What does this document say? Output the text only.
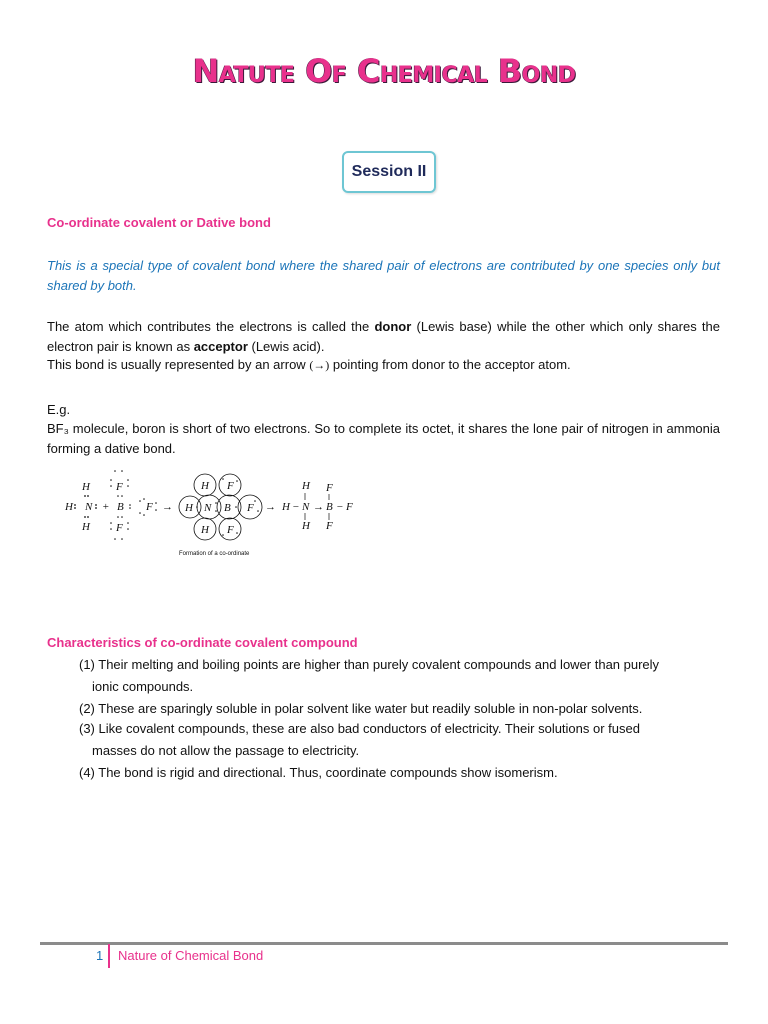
Natute Of Chemical Bond
Session II
Co-ordinate covalent or Dative bond

This is a special type of covalent bond where the shared pair of electrons are contributed by one species only but shared by both.

The atom which contributes the electrons is called the donor (Lewis base) while the other which only shares the electron pair is known as acceptor (Lewis acid).

This bond is usually represented by an arrow (→) pointing from donor to the acceptor atom.

E.g.

BF₃ molecule, boron is short of two electrons. So to complete its octet, it shares the lone pair of nitrogen in ammonia forming a dative bond.

H
H N
H
+
F
B F
F
→
H F
H N B F
H F
→
H F
H − N → B − F
H F
Formation of a co-ordinate
Characteristics of co-ordinate covalent compound

(1) Their melting and boiling points are higher than purely covalent compounds and lower than purely
ionic compounds.

(2) These are sparingly soluble in polar solvent like water but readily soluble in non-polar solvents.

(3) Like covalent compounds, these are also bad conductors of electricity. Their solutions or fused
masses do not allow the passage to electricity.

(4) The bond is rigid and directional. Thus, coordinate compounds show isomerism.

1 Nature of Chemical Bond
